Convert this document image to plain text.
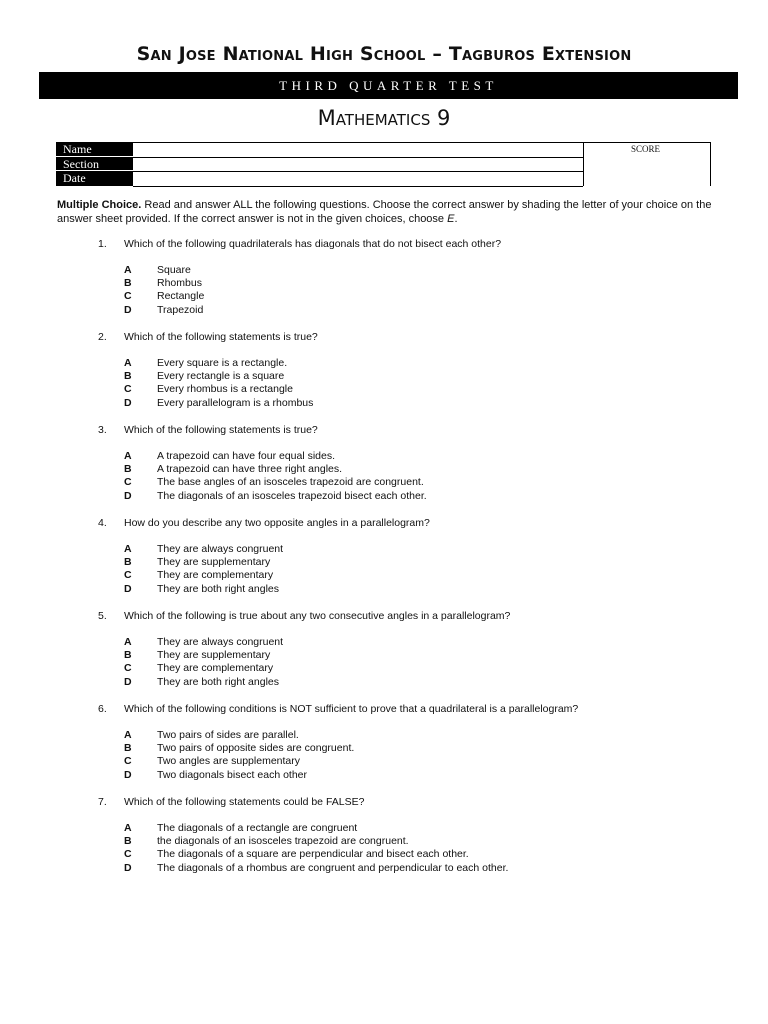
San Jose National High School – Tagburos Extension
THIRD QUARTER TEST
Mathematics 9
Name
Section
Date
SCORE
Multiple Choice. Read and answer ALL the following questions. Choose the correct answer by shading the letter of your choice on the answer sheet provided. If the correct answer is not in the given choices, choose E.
1. Which of the following quadrilaterals has diagonals that do not bisect each other?
A Square
B Rhombus
C Rectangle
D Trapezoid
2. Which of the following statements is true?
A Every square is a rectangle.
B Every rectangle is a square
C Every rhombus is a rectangle
D Every parallelogram is a rhombus
3. Which of the following statements is true?
A A trapezoid can have four equal sides.
B A trapezoid can have three right angles.
C The base angles of an isosceles trapezoid are congruent.
D The diagonals of an isosceles trapezoid bisect each other.
4. How do you describe any two opposite angles in a parallelogram?
A They are always congruent
B They are supplementary
C They are complementary
D They are both right angles
5. Which of the following is true about any two consecutive angles in a parallelogram?
A They are always congruent
B They are supplementary
C They are complementary
D They are both right angles
6. Which of the following conditions is NOT sufficient to prove that a quadrilateral is a parallelogram?
A Two pairs of sides are parallel.
B Two pairs of opposite sides are congruent.
C Two angles are supplementary
D Two diagonals bisect each other
7. Which of the following statements could be FALSE?
A The diagonals of a rectangle are congruent
B the diagonals of an isosceles trapezoid are congruent.
C The diagonals of a square are perpendicular and bisect each other.
D The diagonals of a rhombus are congruent and perpendicular to each other.
